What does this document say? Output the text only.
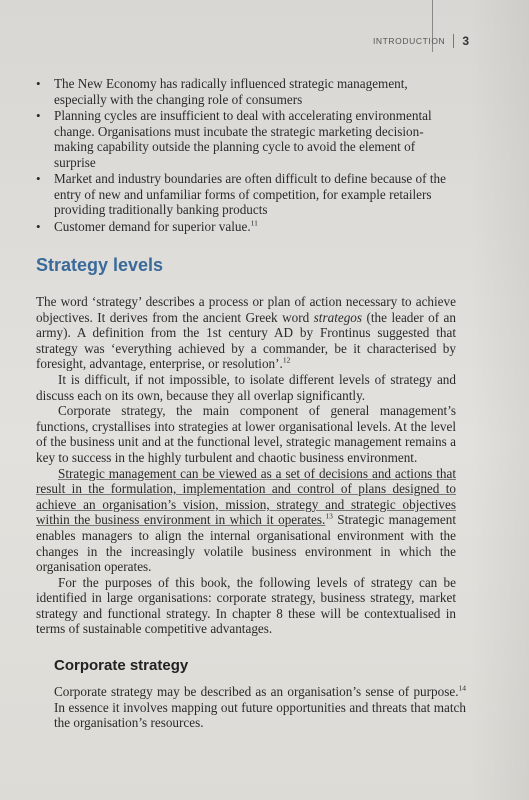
INTRODUCTION 3
• The New Economy has radically influenced strategic management, especially with the changing role of consumers
• Planning cycles are insufficient to deal with accelerating environmental change. Organisations must incubate the strategic marketing decision-making capability outside the planning cycle to avoid the element of surprise
• Market and industry boundaries are often difficult to define because of the entry of new and unfamiliar forms of competition, for example retailers providing traditionally banking products
• Customer demand for superior value.$^{11}$
Strategy levels

The word ‘strategy’ describes a process or plan of action necessary to achieve objectives. It derives from the ancient Greek word strategos (the leader of an army). A definition from the 1st century AD by Frontinus suggested that strategy was ‘everything achieved by a commander, be it characterised by foresight, advantage, enterprise, or resolution’.$^{12}$

It is difficult, if not impossible, to isolate different levels of strategy and discuss each on its own, because they all overlap significantly.

Corporate strategy, the main component of general management’s functions, crystallises into strategies at lower organisational levels. At the level of the business unit and at the functional level, strategic management remains a key to success in the highly turbulent and chaotic business environment.

Strategic management can be viewed as a set of decisions and actions that result in the formulation, implementation and control of plans designed to achieve an organisation’s vision, mission, strategy and strategic objectives within the business environment in which it operates.$^{13}$ Strategic management enables managers to align the internal organisational environment with the changes in the increasingly volatile business environment in which the organisation operates.

For the purposes of this book, the following levels of strategy can be identified in large organisations: corporate strategy, business strategy, market strategy and functional strategy. In chapter 8 these will be contextualised in terms of sustainable competitive advantages.

Corporate strategy

Corporate strategy may be described as an organisation’s sense of purpose.$^{14}$ In essence it involves mapping out future opportunities and threats that match the organisation’s resources.
